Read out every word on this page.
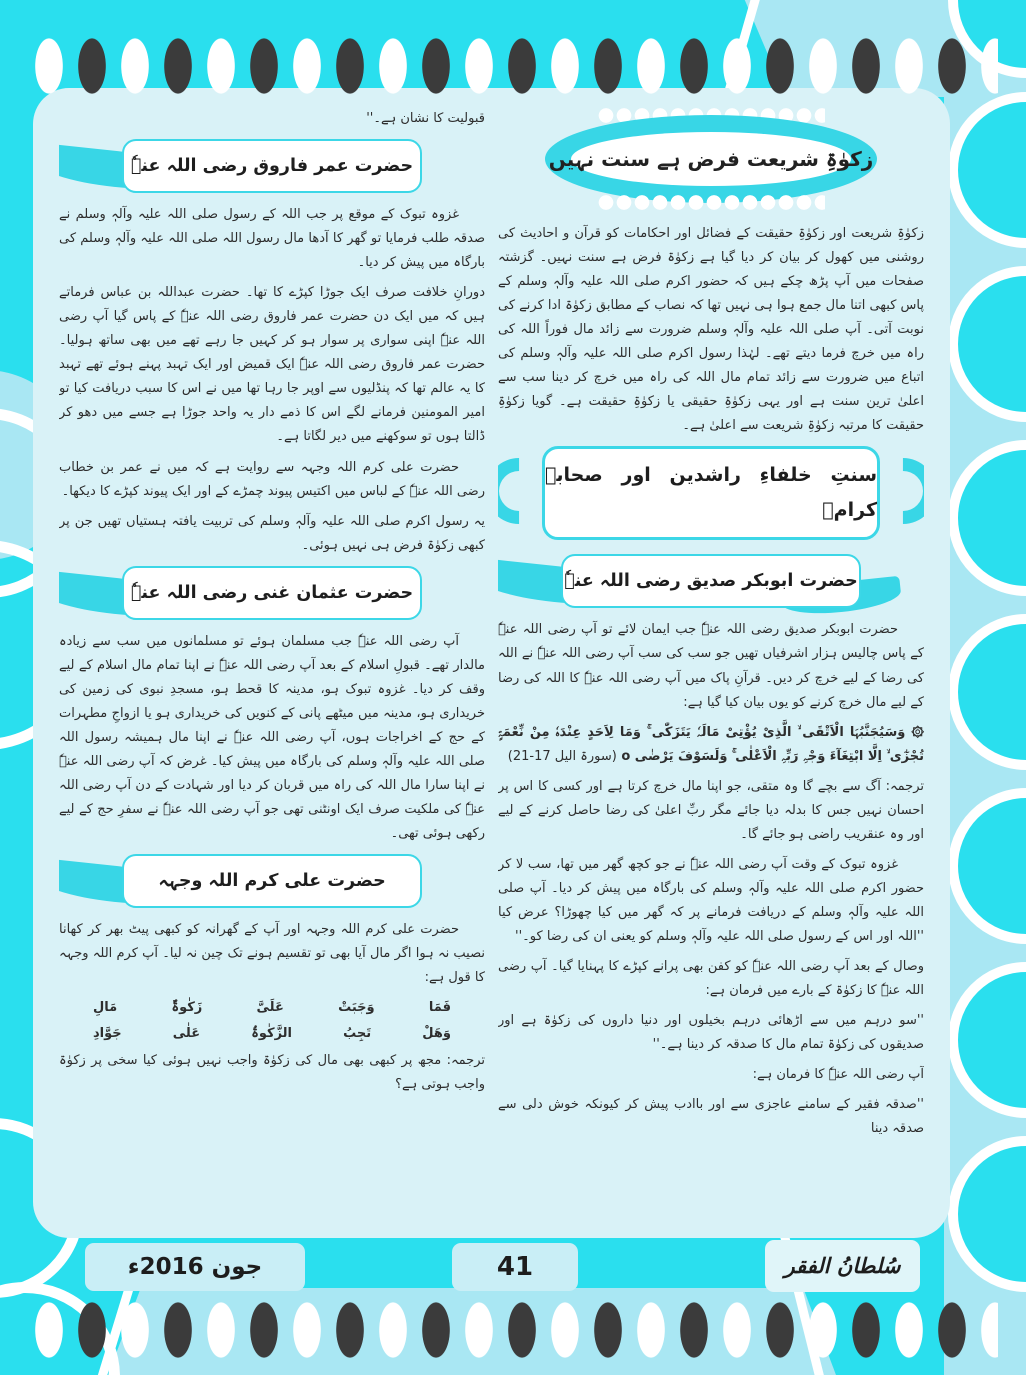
زکوٰۃِ شریعت فرض ہے سنت نہیں

زکوٰۃِ شریعت اور زکوٰۃِ حقیقت کے فضائل اور احکامات کو قرآن و احادیث کی روشنی میں کھول کر بیان کر دیا گیا ہے زکوٰۃ فرض ہے سنت نہیں۔ گزشتہ صفحات میں آپ پڑھ چکے ہیں کہ حضور اکرم صلی اللہ علیہ وآلہٖ وسلم کے پاس کبھی اتنا مال جمع ہوا ہی نہیں تھا کہ نصاب کے مطابق زکوٰۃ ادا کرنے کی نوبت آتی۔ آپ صلی اللہ علیہ وآلہٖ وسلم ضرورت سے زائد مال فوراً اللہ کی راہ میں خرچ فرما دیتے تھے۔ لہٰذا رسول اکرم صلی اللہ علیہ وآلہٖ وسلم کی اتباع میں ضرورت سے زائد تمام مال اللہ کی راہ میں خرچ کر دینا سب سے اعلیٰ ترین سنت ہے اور یہی زکوٰۃِ حقیقی یا زکوٰۃِ حقیقت ہے۔ گویا زکوٰۃِ حقیقت کا مرتبہ زکوٰۃِ شریعت سے اعلیٰ ہے۔

سنتِ خلفاءِ راشدین اور صحابہ کرامؓ
حضرت ابوبکر صدیق رضی اللہ عنہٗ

حضرت ابوبکر صدیق رضی اللہ عنہٗ جب ایمان لائے تو آپ رضی اللہ عنہٗ کے پاس چالیس ہزار اشرفیاں تھیں جو سب کی سب آپ رضی اللہ عنہٗ نے اللہ کی رضا کے لیے خرچ کر دیں۔ قرآنِ پاک میں آپ رضی اللہ عنہٗ کا اللہ کی رضا کے لیے مال خرچ کرنے کو یوں بیان کیا گیا ہے:

۞ وَسَیُجَنَّبُہَا الْاَتْقَی ۙ الَّذِیْ یُؤْتِیْ مَالَہٗ یَتَزَکّٰی ۚ وَمَا لِاَحَدٍ عِنْدَہٗ مِنْ نِّعْمَۃٍ تُجْزٰٓی ۙ اِلَّا ابْتِغَآءَ وَجْہِ رَبِّہِ الْاَعْلٰی ۚ وَلَسَوْفَ یَرْضٰی o (سورۃ الیل 17-21)

ترجمہ: آگ سے بچے گا وہ متقی، جو اپنا مال خرچ کرتا ہے اور کسی کا اس پر احسان نہیں جس کا بدلہ دیا جائے مگر ربِّ اعلیٰ کی رضا حاصل کرنے کے لیے اور وہ عنقریب راضی ہو جائے گا۔

غزوہ تبوک کے وقت آپ رضی اللہ عنہٗ نے جو کچھ گھر میں تھا، سب لا کر حضور اکرم صلی اللہ علیہ وآلہٖ وسلم کی بارگاہ میں پیش کر دیا۔ آپ صلی اللہ علیہ وآلہٖ وسلم کے دریافت فرمانے پر کہ گھر میں کیا چھوڑا؟ عرض کیا ''اللہ اور اس کے رسول صلی اللہ علیہ وآلہٖ وسلم کو یعنی ان کی رضا کو۔''

وصال کے بعد آپ رضی اللہ عنہٗ کو کفن بھی پرانے کپڑے کا پہنایا گیا۔ آپ رضی اللہ عنہٗ کا زکوٰۃ کے بارے میں فرمان ہے:

''سو درہم میں سے اڑھائی درہم بخیلوں اور دنیا داروں کی زکوٰۃ ہے اور صدیقوں کی زکوٰۃ تمام مال کا صدقہ کر دینا ہے۔''

آپ رضی اللہ عنہٗ کا فرمان ہے:

''صدقہ فقیر کے سامنے عاجزی سے اور باادب پیش کر کیونکہ خوش دلی سے صدقہ دینا

قبولیت کا نشان ہے۔''

حضرت عمر فاروق رضی اللہ عنہٗ

غزوہ تبوک کے موقع پر جب اللہ کے رسول صلی اللہ علیہ وآلہٖ وسلم نے صدقہ طلب فرمایا تو گھر کا آدھا مال رسول اللہ صلی اللہ علیہ وآلہٖ وسلم کی بارگاہ میں پیش کر دیا۔

دورانِ خلافت صرف ایک جوڑا کپڑے کا تھا۔ حضرت عبداللہ بن عباس فرماتے ہیں کہ میں ایک دن حضرت عمر فاروق رضی اللہ عنہٗ کے پاس گیا آپ رضی اللہ عنہٗ اپنی سواری پر سوار ہو کر کہیں جا رہے تھے میں بھی ساتھ ہولیا۔ حضرت عمر فاروق رضی اللہ عنہٗ ایک قمیض اور ایک تہبد پہنے ہوئے تھے تہبد کا یہ عالم تھا کہ پنڈلیوں سے اوپر جا رہا تھا میں نے اس کا سبب دریافت کیا تو امیر المومنین فرمانے لگے اس کا ذمے دار یہ واحد جوڑا ہے جسے میں دھو کر ڈالتا ہوں تو سوکھنے میں دیر لگاتا ہے۔

حضرت علی کرم اللہ وجہہ سے روایت ہے کہ میں نے عمر بن خطاب رضی اللہ عنہٗ کے لباس میں اکتیس پیوند چمڑے کے اور ایک پیوند کپڑے کا دیکھا۔

یہ رسول اکرم صلی اللہ علیہ وآلہٖ وسلم کی تربیت یافتہ ہستیاں تھیں جن پر کبھی زکوٰۃ فرض ہی نہیں ہوئی۔

حضرت عثمان غنی رضی اللہ عنہٗ

آپ رضی اللہ عنہٗ جب مسلمان ہوئے تو مسلمانوں میں سب سے زیادہ مالدار تھے۔ قبولِ اسلام کے بعد آپ رضی اللہ عنہٗ نے اپنا تمام مال اسلام کے لیے وقف کر دیا۔ غزوہ تبوک ہو، مدینہ کا قحط ہو، مسجدِ نبوی کی زمین کی خریداری ہو، مدینہ میں میٹھے پانی کے کنویں کی خریداری ہو یا ازواجِ مطہرات کے حج کے اخراجات ہوں، آپ رضی اللہ عنہٗ نے اپنا مال ہمیشہ رسول اللہ صلی اللہ علیہ وآلہٖ وسلم کی بارگاہ میں پیش کیا۔ غرض کہ آپ رضی اللہ عنہٗ نے اپنا سارا مال اللہ کی راہ میں قربان کر دیا اور شہادت کے دن آپ رضی اللہ عنہٗ کی ملکیت صرف ایک اونٹنی تھی جو آپ رضی اللہ عنہٗ نے سفرِ حج کے لیے رکھی ہوئی تھی۔

حضرت علی کرم اللہ وجہہ

حضرت علی کرم اللہ وجہہ اور آپ کے گھرانہ کو کبھی پیٹ بھر کر کھانا نصیب نہ ہوا اگر مال آیا بھی تو تقسیم ہونے تک چین نہ لیا۔ آپ کرم اللہ وجہہ کا قول ہے:

فَمَا وَجَبَتْ عَلَیَّ زَکٰوۃٌ مَالِ
وَھَلْ تَجِبُ الزَّکٰوۃُ عَلٰی جَوَّادِ

ترجمہ: مجھ پر کبھی بھی مال کی زکوٰۃ واجب نہیں ہوئی کیا سخی پر زکوٰۃ واجب ہوتی ہے؟

جون 2016ء	41	سُلطانُ الفقر
